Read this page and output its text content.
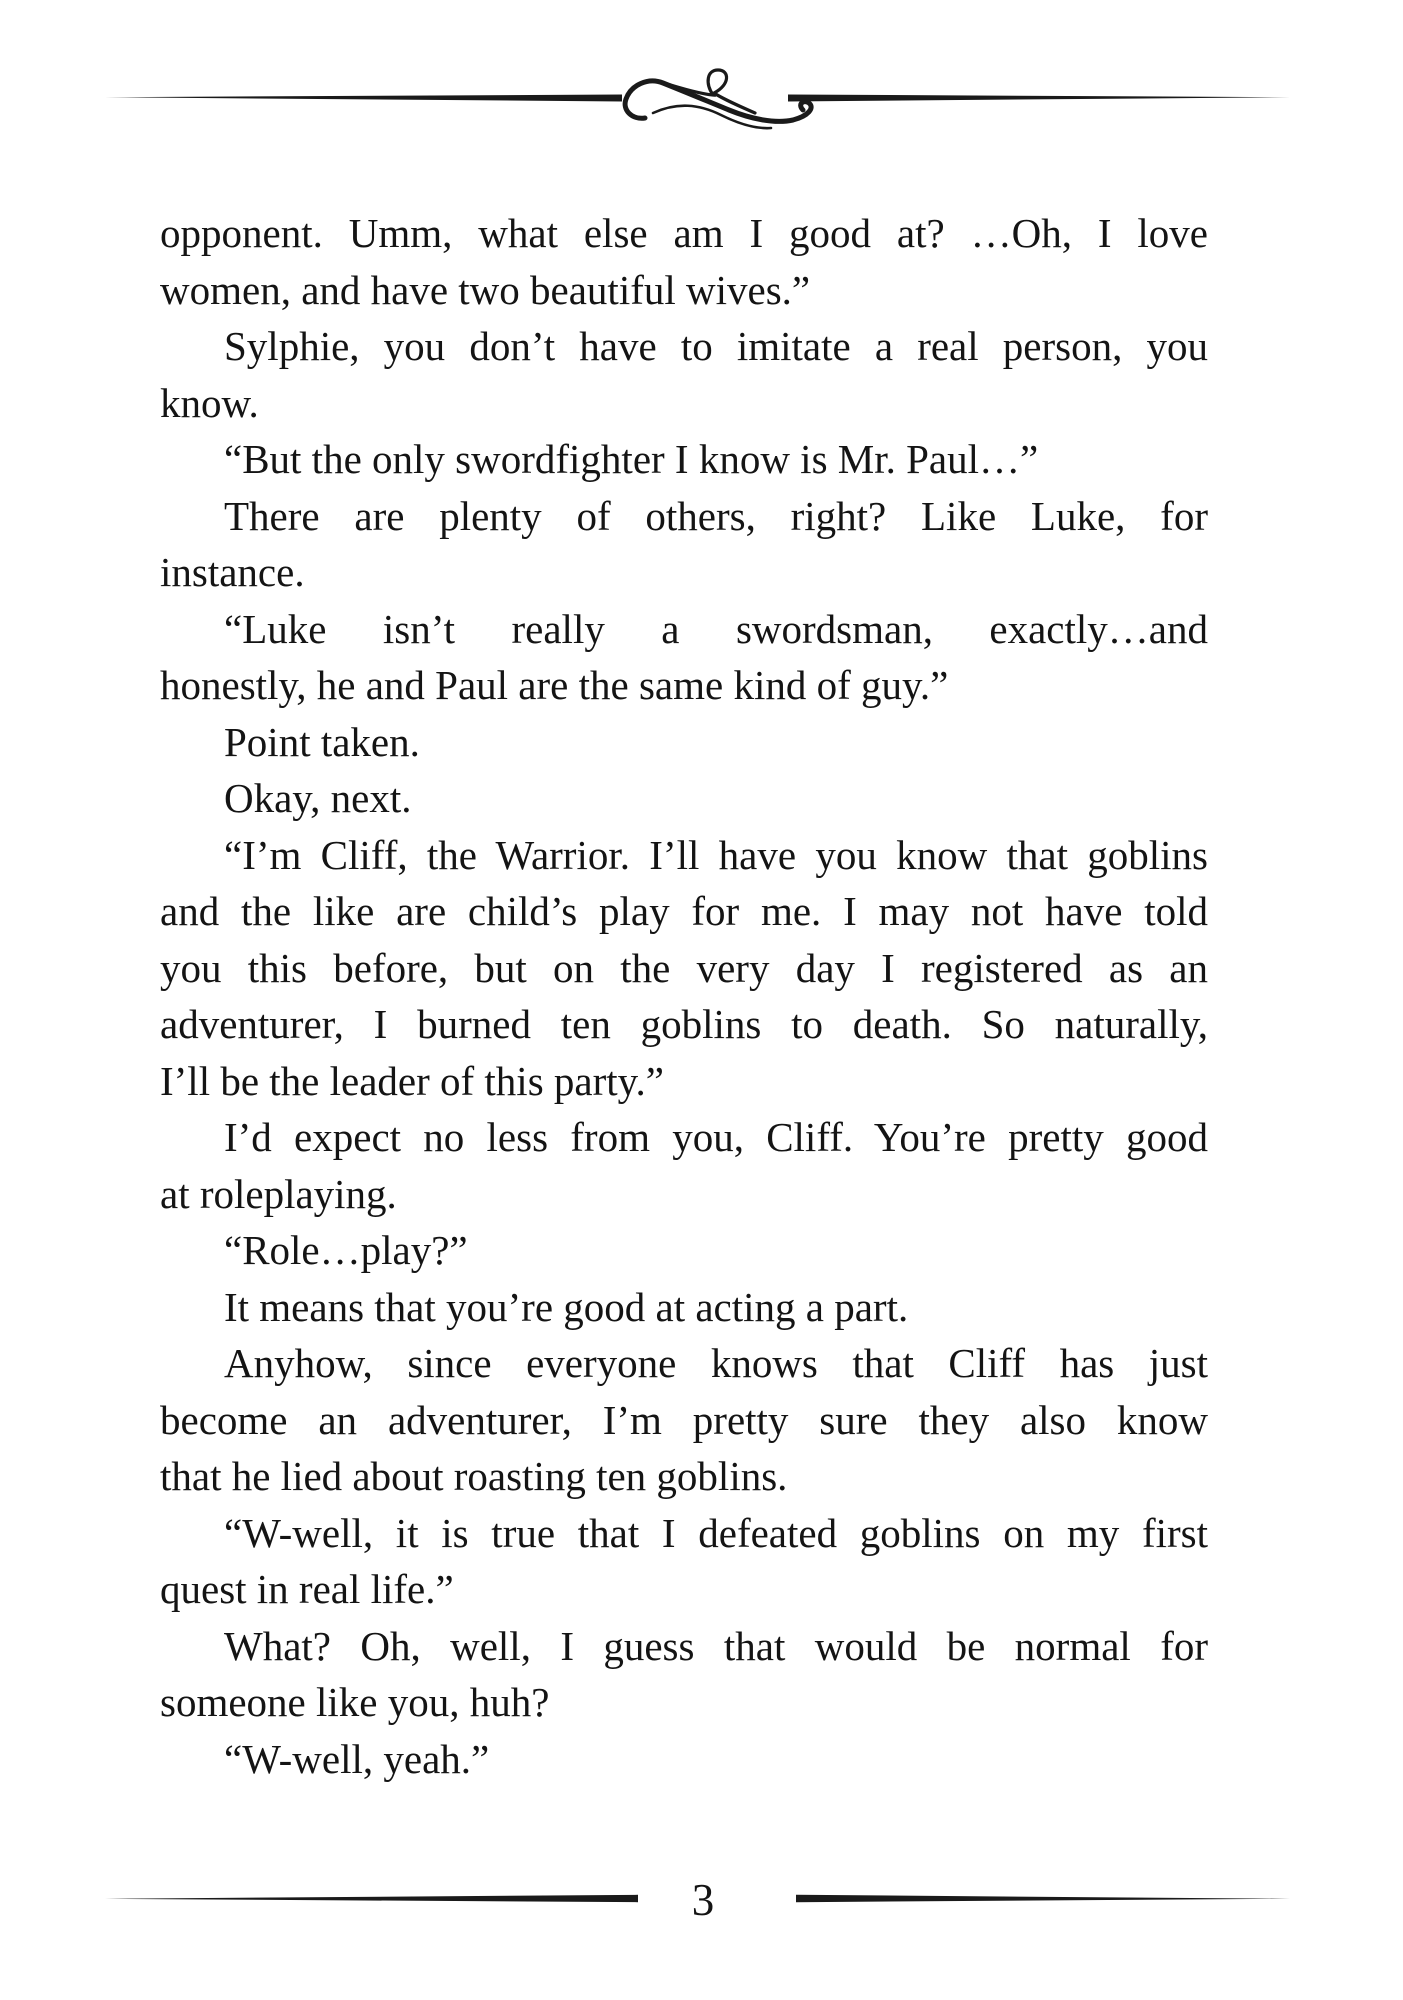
opponent. Umm, what else am I good at? …Oh, I love
women, and have two beautiful wives.”
Sylphie, you don’t have to imitate a real person, you
know.
“But the only swordfighter I know is Mr. Paul…”
There are plenty of others, right? Like Luke, for
instance.
“Luke isn’t really a swordsman, exactly…and
honestly, he and Paul are the same kind of guy.”
Point taken.
Okay, next.
“I’m Cliff, the Warrior. I’ll have you know that goblins
and the like are child’s play for me. I may not have told
you this before, but on the very day I registered as an
adventurer, I burned ten goblins to death. So naturally,
I’ll be the leader of this party.”
I’d expect no less from you, Cliff. You’re pretty good
at roleplaying.
“Role…play?”
It means that you’re good at acting a part.
Anyhow, since everyone knows that Cliff has just
become an adventurer, I’m pretty sure they also know
that he lied about roasting ten goblins.
“W-well, it is true that I defeated goblins on my first
quest in real life.”
What? Oh, well, I guess that would be normal for
someone like you, huh?
“W-well, yeah.”
3
